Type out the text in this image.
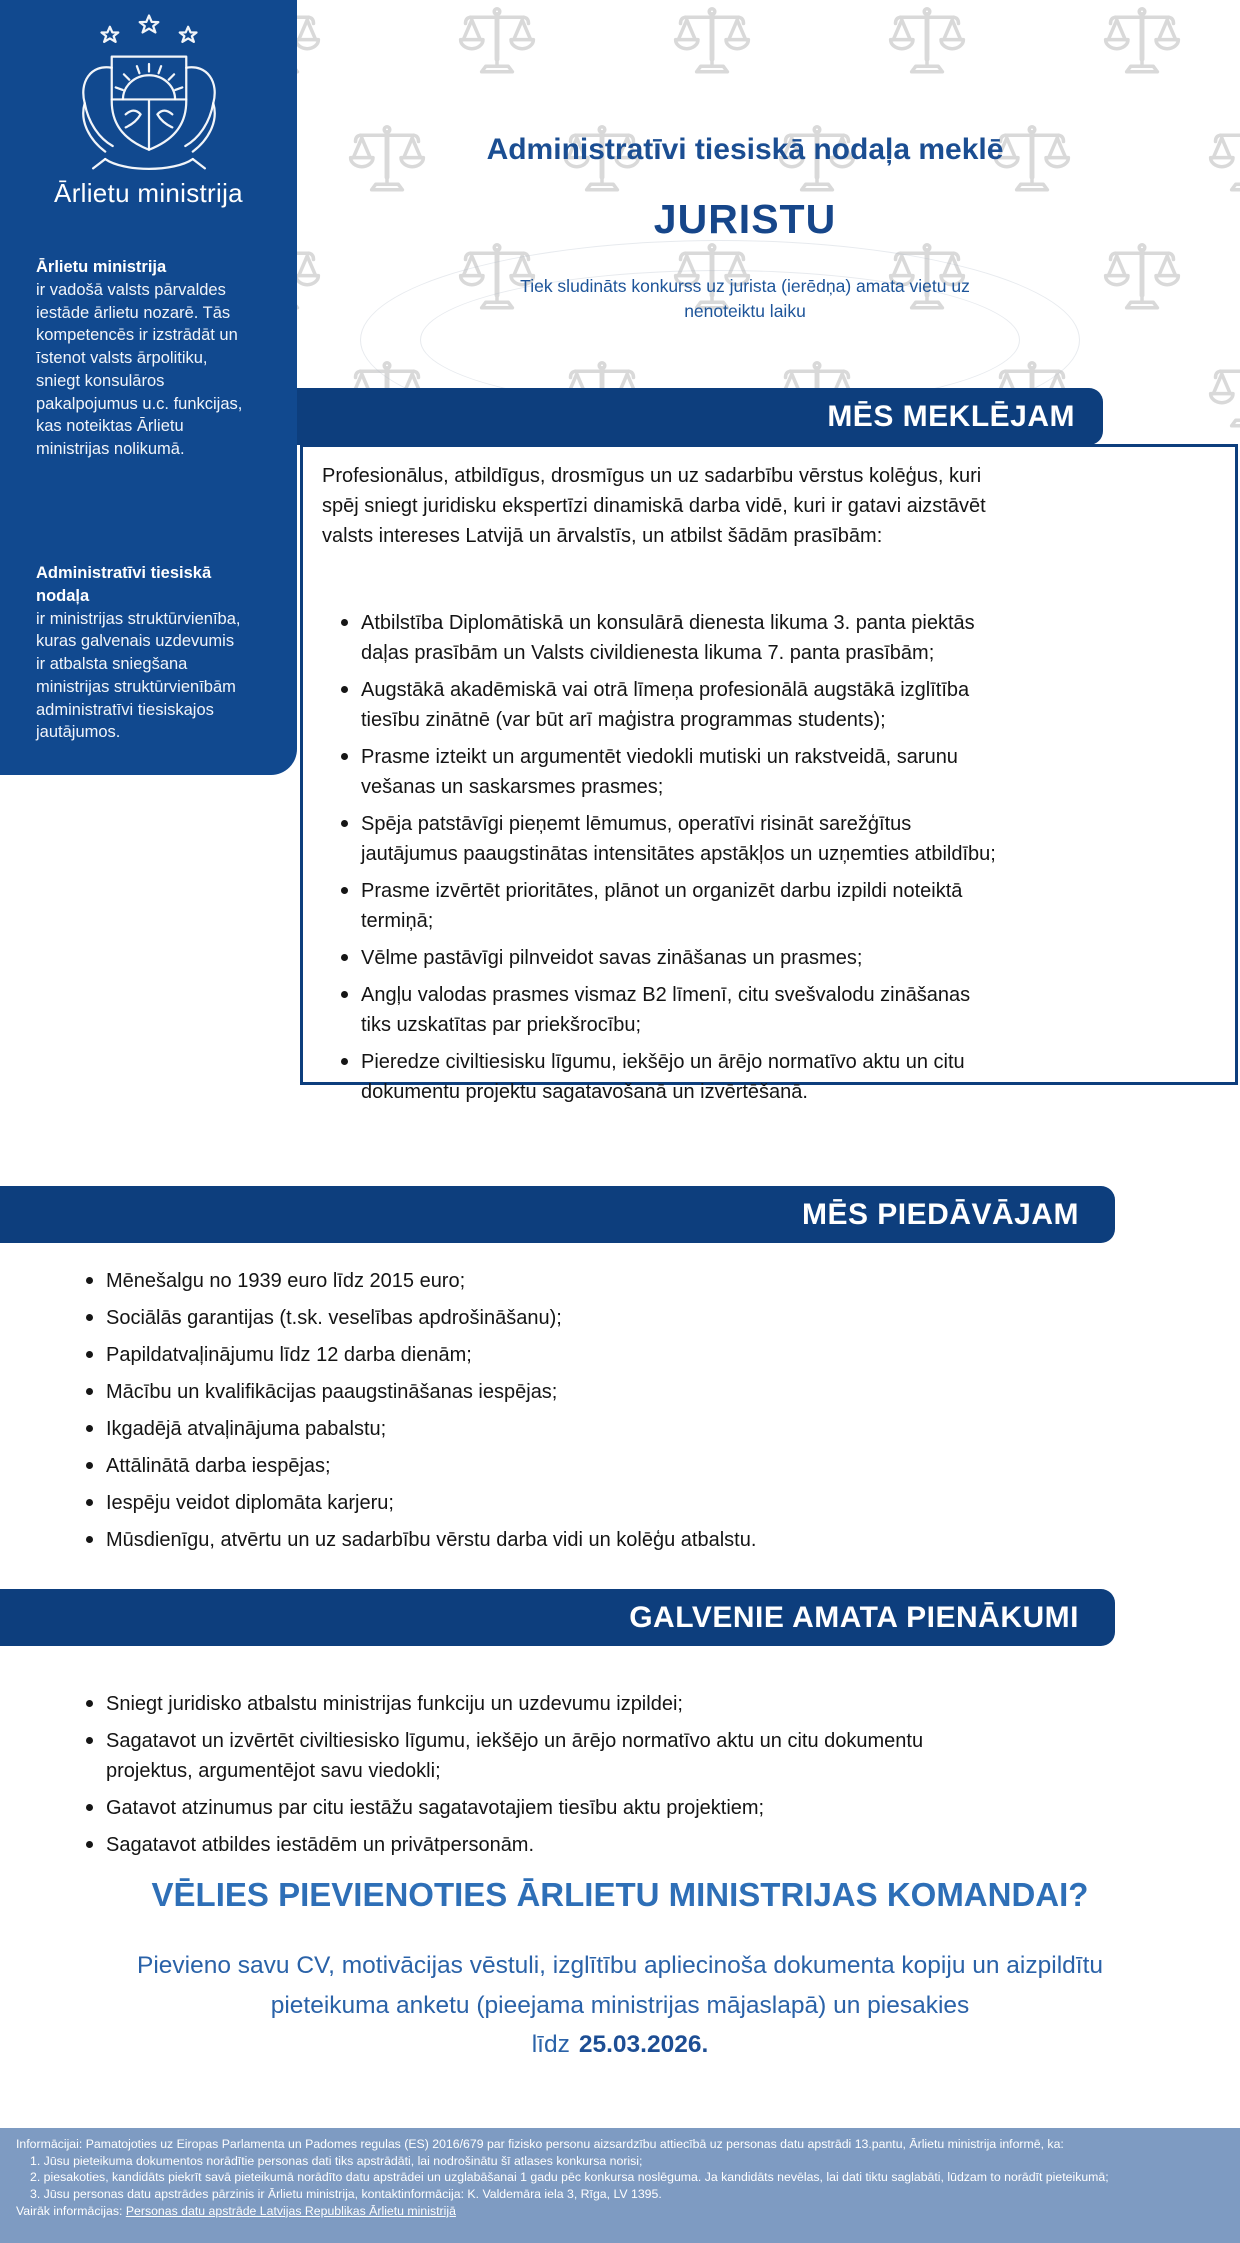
Ārlietu ministrija
Ārlietu ministrija
ir vadošā valsts pārvaldes iestāde ārlietu nozarē. Tās kompetencēs ir izstrādāt un īstenot valsts ārpolitiku, sniegt konsulāros pakalpojumus u.c. funkcijas, kas noteiktas Ārlietu ministrijas nolikumā.
Administratīvi tiesiskā nodaļa
ir ministrijas struktūrvienība, kuras galvenais uzdevumis ir atbalsta sniegšana ministrijas struktūrvienībām administratīvi tiesiskajos jautājumos.
Administratīvi tiesiskā nodaļa meklē
JURISTU
Tiek sludināts konkurss uz jurista (ierēdņa) amata vietu uz nenoteiktu laiku
MĒS MEKLĒJAM

Profesionālus, atbildīgus, drosmīgus un uz sadarbību vērstus kolēģus, kuri spēj sniegt juridisku ekspertīzi dinamiskā darba vidē, kuri ir gatavi aizstāvēt valsts intereses Latvijā un ārvalstīs, un atbilst šādām prasībām:

Atbilstība Diplomātiskā un konsulārā dienesta likuma 3. panta piektās daļas prasībām un Valsts civildienesta likuma 7. panta prasībām;
Augstākā akadēmiskā vai otrā līmeņa profesionālā augstākā izglītība tiesību zinātnē (var būt arī maģistra programmas students);
Prasme izteikt un argumentēt viedokli mutiski un rakstveidā, sarunu vešanas un saskarsmes prasmes;
Spēja patstāvīgi pieņemt lēmumus, operatīvi risināt sarežģītus jautājumus paaugstinātas intensitātes apstākļos un uzņemties atbildību;
Prasme izvērtēt prioritātes, plānot un organizēt darbu izpildi noteiktā termiņā;
Vēlme pastāvīgi pilnveidot savas zināšanas un prasmes;
Angļu valodas prasmes vismaz B2 līmenī, citu svešvalodu zināšanas tiks uzskatītas par priekšrocību;
Pieredze civiltiesisku līgumu, iekšējo un ārējo normatīvo aktu un citu dokumentu projektu sagatavošanā un izvērtēšanā.
MĒS PIEDĀVĀJAM
Mēnešalgu no 1939 euro līdz 2015 euro;
Sociālās garantijas (t.sk. veselības apdrošināšanu);
Papildatvaļinājumu līdz 12 darba dienām;
Mācību un kvalifikācijas paaugstināšanas iespējas;
Ikgadējā atvaļinājuma pabalstu;
Attālinātā darba iespējas;
Iespēju veidot diplomāta karjeru;
Mūsdienīgu, atvērtu un uz sadarbību vērstu darba vidi un kolēģu atbalstu.
GALVENIE AMATA PIENĀKUMI
Sniegt juridisko atbalstu ministrijas funkciju un uzdevumu izpildei;
Sagatavot un izvērtēt civiltiesisko līgumu, iekšējo un ārējo normatīvo aktu un citu dokumentu projektus, argumentējot savu viedokli;
Gatavot atzinumus par citu iestāžu sagatavotajiem tiesību aktu projektiem;
Sagatavot atbildes iestādēm un privātpersonām.
VĒLIES PIEVIENOTIES ĀRLIETU MINISTRIJAS KOMANDAI?
Pievieno savu CV, motivācijas vēstuli, izglītību apliecinoša dokumenta kopiju un aizpildītu
pieteikuma anketu (pieejama ministrijas mājaslapā) un piesakies
līdz 25.03.2026.

Informācijai: Pamatojoties uz Eiropas Parlamenta un Padomes regulas (ES) 2016/679 par fizisko personu aizsardzību attiecībā uz personas datu apstrādi 13.pantu, Ārlietu ministrija informē, ka:

1. Jūsu pieteikuma dokumentos norādītie personas dati tiks apstrādāti, lai nodrošinātu šī atlases konkursa norisi;

2. piesakoties, kandidāts piekrīt savā pieteikumā norādīto datu apstrādei un uzglabāšanai 1 gadu pēc konkursa noslēguma. Ja kandidāts nevēlas, lai dati tiktu saglabāti, lūdzam to norādīt pieteikumā;

3. Jūsu personas datu apstrādes pārzinis ir Ārlietu ministrija, kontaktinformācija: K. Valdemāra iela 3, Rīga, LV 1395.

Vairāk informācijas: Personas datu apstrāde Latvijas Republikas Ārlietu ministrijā
